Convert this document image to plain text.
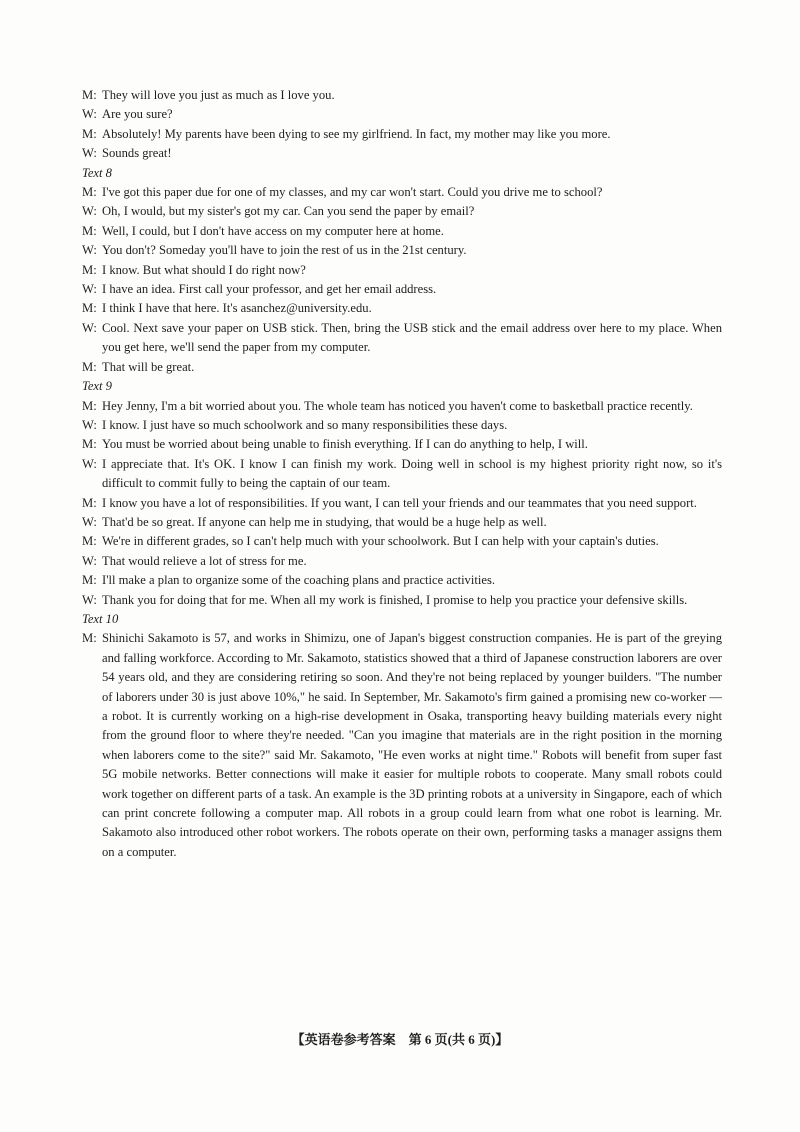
M: They will love you just as much as I love you.
W: Are you sure?
M: Absolutely! My parents have been dying to see my girlfriend. In fact, my mother may like you more.
W: Sounds great!
Text 8
M: I've got this paper due for one of my classes, and my car won't start. Could you drive me to school?
W: Oh, I would, but my sister's got my car. Can you send the paper by email?
M: Well, I could, but I don't have access on my computer here at home.
W: You don't? Someday you'll have to join the rest of us in the 21st century.
M: I know. But what should I do right now?
W: I have an idea. First call your professor, and get her email address.
M: I think I have that here. It's asanchez@university.edu.
W: Cool. Next save your paper on USB stick. Then, bring the USB stick and the email address over here to my place. When you get here, we'll send the paper from my computer.
M: That will be great.
Text 9
M: Hey Jenny, I'm a bit worried about you. The whole team has noticed you haven't come to basketball practice recently.
W: I know. I just have so much schoolwork and so many responsibilities these days.
M: You must be worried about being unable to finish everything. If I can do anything to help, I will.
W: I appreciate that. It's OK. I know I can finish my work. Doing well in school is my highest priority right now, so it's difficult to commit fully to being the captain of our team.
M: I know you have a lot of responsibilities. If you want, I can tell your friends and our teammates that you need support.
W: That'd be so great. If anyone can help me in studying, that would be a huge help as well.
M: We're in different grades, so I can't help much with your schoolwork. But I can help with your captain's duties.
W: That would relieve a lot of stress for me.
M: I'll make a plan to organize some of the coaching plans and practice activities.
W: Thank you for doing that for me. When all my work is finished, I promise to help you practice your defensive skills.
Text 10
M: Shinichi Sakamoto is 57, and works in Shimizu, one of Japan's biggest construction companies. He is part of the greying and falling workforce. According to Mr. Sakamoto, statistics showed that a third of Japanese construction laborers are over 54 years old, and they are considering retiring so soon. And they're not being replaced by younger builders. "The number of laborers under 30 is just above 10%," he said. In September, Mr. Sakamoto's firm gained a promising new co-worker —a robot. It is currently working on a high-rise development in Osaka, transporting heavy building materials every night from the ground floor to where they're needed. "Can you imagine that materials are in the right position in the morning when laborers come to the site?" said Mr. Sakamoto, "He even works at night time." Robots will benefit from super fast 5G mobile networks. Better connections will make it easier for multiple robots to cooperate. Many small robots could work together on different parts of a task. An example is the 3D printing robots at a university in Singapore, each of which can print concrete following a computer map. All robots in a group could learn from what one robot is learning. Mr. Sakamoto also introduced other robot workers. The robots operate on their own, performing tasks a manager assigns them on a computer.
【英语卷参考答案　第 6 页(共 6 页)】
